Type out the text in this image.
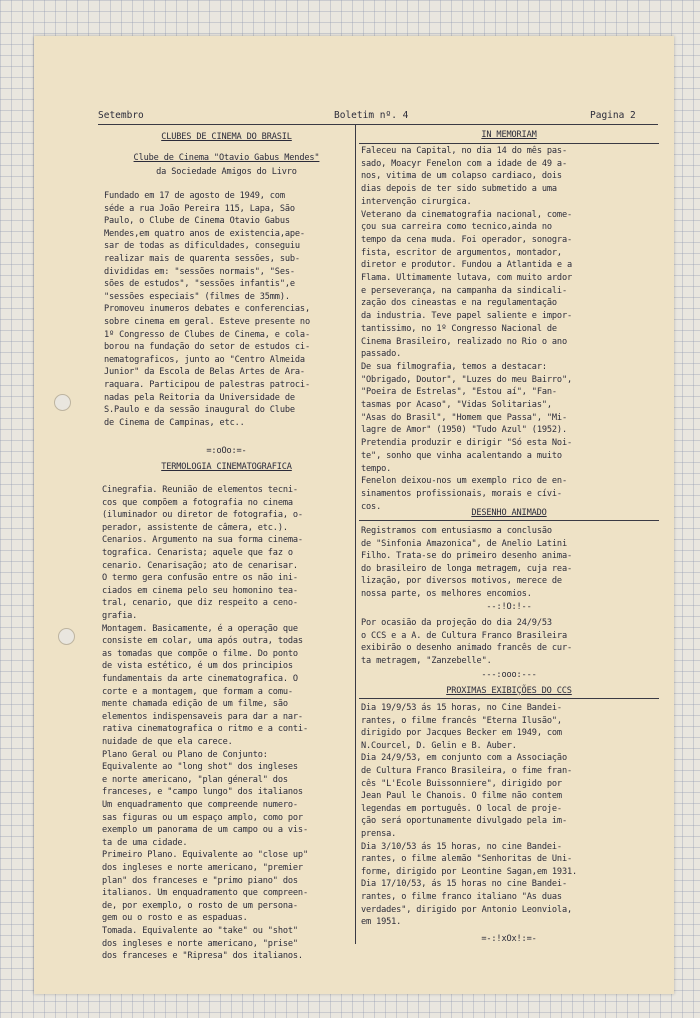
Setembro	Boletim nº. 4	Pagina 2
CLUBES DE CINEMA DO BRASIL
Clube de Cinema "Otavio Gabus Mendes"
da Sociedade Amigos do Livro
Fundado em 17 de agosto de 1949, com
séde a rua João Pereira 115, Lapa, São
Paulo, o Clube de Cinema Otavio Gabus
Mendes,em quatro anos de existencia,ape-
sar de todas as dificuldades, conseguiu
realizar mais de quarenta sessões, sub-
divididas em: "sessões normais", "Ses-
sões de estudos", "sessões infantis",e
"sessões especiais" (filmes de 35mm).
Promoveu inumeros debates e conferencias,
sobre cinema em geral. Esteve presente no
1º Congresso de Clubes de Cinema, e cola-
borou na fundação do setor de estudos ci-
nematograficos, junto ao "Centro Almeida
Junior" da Escola de Belas Artes de Ara-
raquara. Participou de palestras patroci-
nadas pela Reitoria da Universidade de
S.Paulo e da sessão inaugural do Clube
de Cinema de Campinas, etc..
=:oOo:=-
TERMOLOGIA CINEMATOGRAFICA
Cinegrafia. Reunião de elementos tecni-
cos que compõem a fotografia no cinema
(iluminador ou diretor de fotografia, o-
perador, assistente de câmera, etc.).
Cenarios. Argumento na sua forma cinema-
tografica. Cenarista; aquele que faz o
cenario. Cenarisação; ato de cenarisar.
O termo gera confusão entre os não ini-
ciados em cinema pelo seu homonino tea-
tral, cenario, que diz respeito a ceno-
grafia.
Montagem. Basicamente, é a operação que
consiste em colar, uma após outra, todas
as tomadas que compõe o filme. Do ponto
de vista estético, é um dos principios
fundamentais da arte cinematografica. O
corte e a montagem, que formam a comu-
mente chamada edição de um filme, são
elementos indispensaveis para dar a nar-
rativa cinematografica o ritmo e a conti-
nuidade de que ela carece.
Plano Geral ou Plano de Conjunto:
Equivalente ao "long shot" dos ingleses
e norte americano, "plan géneral" dos
franceses, e "campo lungo" dos italianos
Um enquadramento que compreende numero-
sas figuras ou um espaço amplo, como por
exemplo um panorama de um campo ou a vis-
ta de uma cidade.
Primeiro Plano. Equivalente ao "close up"
dos ingleses e norte americano, "premier
plan" dos franceses e "primo piano" dos
italianos. Um enquadramento que compreen-
de, por exemplo, o rosto de um persona-
gem ou o rosto e as espaduas.
Tomada. Equivalente ao "take" ou "shot"
dos ingleses e norte americano, "prise"
dos franceses e "Ripresa" dos italianos.
IN MEMORIAM
Faleceu na Capital, no dia 14 do mês pas-
sado, Moacyr Fenelon com a idade de 49 a-
nos, vitima de um colapso cardiaco, dois
dias depois de ter sido submetido a uma
intervenção cirurgica.
Veterano da cinematografia nacional, come-
çou sua carreira como tecnico,ainda no
tempo da cena muda. Foi operador, sonogra-
fista, escritor de argumentos, montador,
diretor e produtor. Fundou a Atlantida e a
Flama. Ultimamente lutava, com muito ardor
e perseverança, na campanha da sindicali-
zação dos cineastas e na regulamentação
da industria. Teve papel saliente e impor-
tantissimo, no 1º Congresso Nacional de
Cinema Brasileiro, realizado no Rio o ano
passado.
De sua filmografia, temos a destacar:
"Obrigado, Doutor", "Luzes do meu Bairro",
"Poeira de Estrelas", "Estou aí", "Fan-
tasmas por Acaso", "Vidas Solitarias",
"Asas do Brasil", "Homem que Passa", "Mi-
lagre de Amor" (1950) "Tudo Azul" (1952).
Pretendia produzir e dirigir "Só esta Noi-
te", sonho que vinha acalentando a muito
tempo.
Fenelon deixou-nos um exemplo rico de en-
sinamentos profissionais, morais e cívi-
cos.
DESENHO ANIMADO
Registramos com entusiasmo a conclusão
de "Sinfonia Amazonica", de Anelio Latini
Filho. Trata-se do primeiro desenho anima-
do brasileiro de longa metragem, cuja rea-
lização, por diversos motivos, merece de
nossa parte, os melhores encomios.
--:!O:!--
Por ocasião da projeção do dia 24/9/53
o CCS e a A. de Cultura Franco Brasileira
exibirão o desenho animado francês de cur-
ta metragem, "Zanzebelle".
---:ooo:---
PROXIMAS EXIBIÇÕES DO CCS
Dia 19/9/53 ás 15 horas, no Cine Bandei-
rantes, o filme francês "Eterna Ilusão",
dirigido por Jacques Becker em 1949, com
N.Courcel, D. Gelin e B. Auber.
Dia 24/9/53, em conjunto com a Associação
de Cultura Franco Brasileira, o fime fran-
cês "L'Ecole Buissonniere", dirigido por
Jean Paul le Chanois. O filme não contem
legendas em português. O local de proje-
ção será oportunamente divulgado pela im-
prensa.
Dia 3/10/53 ás 15 horas, no cine Bandei-
rantes, o filme alemão "Senhoritas de Uni-
forme, dirigido por Leontine Sagan,em 1931.
Dia 17/10/53, ás 15 horas no cine Bandei-
rantes, o filme franco italiano "As duas
verdades", dirigido por Antonio Leonviola,
em 1951.
=-:!xOx!:=-
